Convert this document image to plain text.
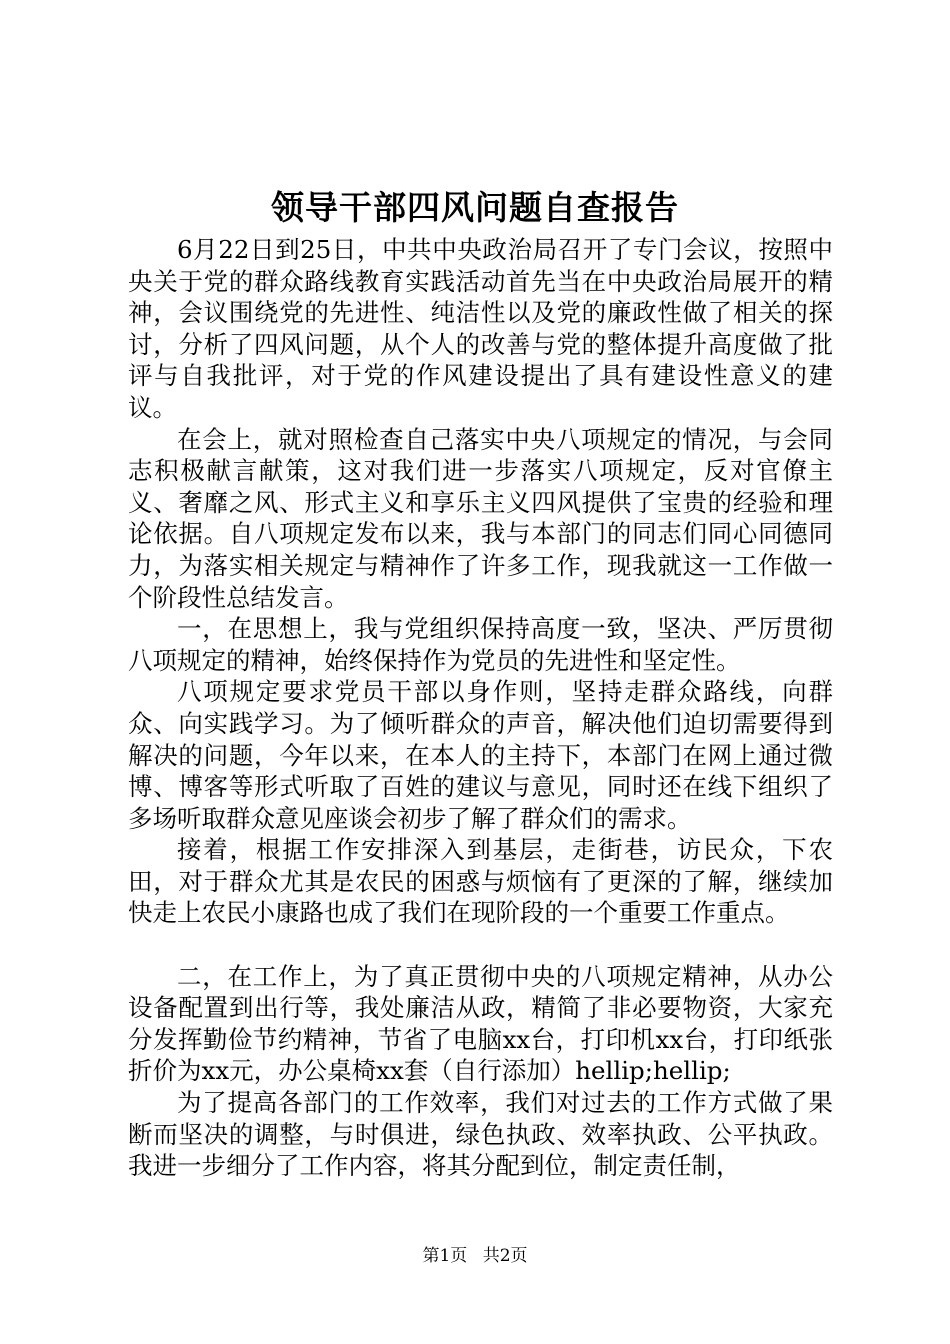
领导干部四风问题自查报告

6月22日到25日，中共中央政治局召开了专门会议，按照中央关于党的群众路线教育实践活动首先当在中央政治局展开的精神，会议围绕党的先进性、纯洁性以及党的廉政性做了相关的探讨，分析了四风问题，从个人的改善与党的整体提升高度做了批评与自我批评，对于党的作风建设提出了具有建设性意义的建议。

在会上，就对照检查自己落实中央八项规定的情况，与会同志积极献言献策，这对我们进一步落实八项规定，反对官僚主义、奢靡之风、形式主义和享乐主义四风提供了宝贵的经验和理论依据。自八项规定发布以来，我与本部门的同志们同心同德同力，为落实相关规定与精神作了许多工作，现我就这一工作做一个阶段性总结发言。

一，在思想上，我与党组织保持高度一致，坚决、严厉贯彻八项规定的精神，始终保持作为党员的先进性和坚定性。

八项规定要求党员干部以身作则，坚持走群众路线，向群众、向实践学习。为了倾听群众的声音，解决他们迫切需要得到解决的问题，今年以来，在本人的主持下，本部门在网上通过微博、博客等形式听取了百姓的建议与意见，同时还在线下组织了多场听取群众意见座谈会初步了解了群众们的需求。

接着，根据工作安排深入到基层，走街巷，访民众，下农田，对于群众尤其是农民的困惑与烦恼有了更深的了解，继续加快走上农民小康路也成了我们在现阶段的一个重要工作重点。

二，在工作上，为了真正贯彻中央的八项规定精神，从办公设备配置到出行等，我处廉洁从政，精简了非必要物资，大家充分发挥勤俭节约精神，节省了电脑xx台，打印机xx台，打印纸张折价为xx元，办公桌椅xx套（自行添加）hellip;hellip;

为了提高各部门的工作效率，我们对过去的工作方式做了果断而坚决的调整，与时俱进，绿色执政、效率执政、公平执政。我进一步细分了工作内容，将其分配到位，制定责任制，

第1页 共2页
